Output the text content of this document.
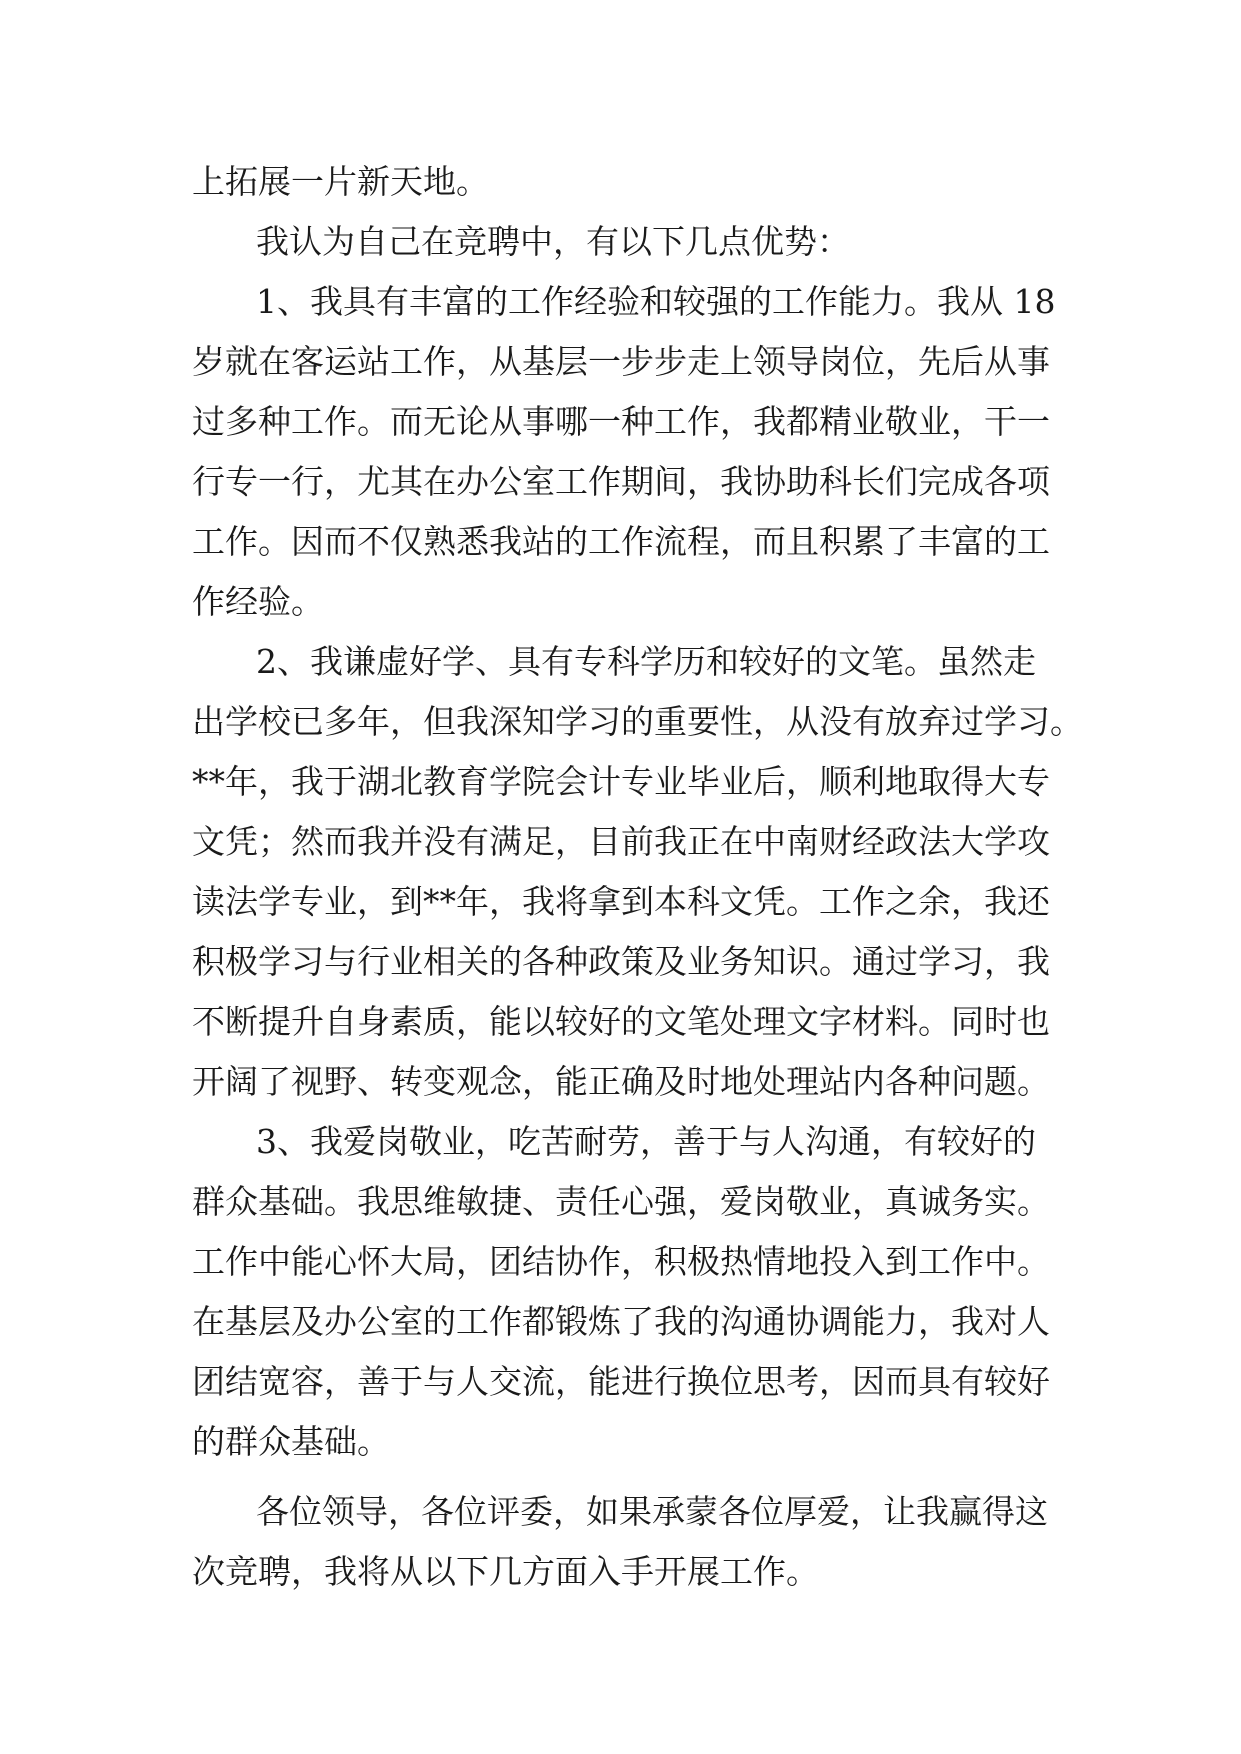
上拓展一片新天地。
我认为自己在竞聘中，有以下几点优势：
1、我具有丰富的工作经验和较强的工作能力。我从 18
岁就在客运站工作，从基层一步步走上领导岗位，先后从事
过多种工作。而无论从事哪一种工作，我都精业敬业，干一
行专一行，尤其在办公室工作期间，我协助科长们完成各项
工作。因而不仅熟悉我站的工作流程，而且积累了丰富的工
作经验。
2、我谦虚好学、具有专科学历和较好的文笔。虽然走
出学校已多年，但我深知学习的重要性，从没有放弃过学习。
**年，我于湖北教育学院会计专业毕业后，顺利地取得大专
文凭；然而我并没有满足，目前我正在中南财经政法大学攻
读法学专业，到**年，我将拿到本科文凭。工作之余，我还
积极学习与行业相关的各种政策及业务知识。通过学习，我
不断提升自身素质，能以较好的文笔处理文字材料。同时也
开阔了视野、转变观念，能正确及时地处理站内各种问题。
3、我爱岗敬业，吃苦耐劳，善于与人沟通，有较好的
群众基础。我思维敏捷、责任心强，爱岗敬业，真诚务实。
工作中能心怀大局，团结协作，积极热情地投入到工作中。
在基层及办公室的工作都锻炼了我的沟通协调能力，我对人
团结宽容，善于与人交流，能进行换位思考，因而具有较好
的群众基础。
各位领导，各位评委，如果承蒙各位厚爱，让我赢得这
次竞聘，我将从以下几方面入手开展工作。
